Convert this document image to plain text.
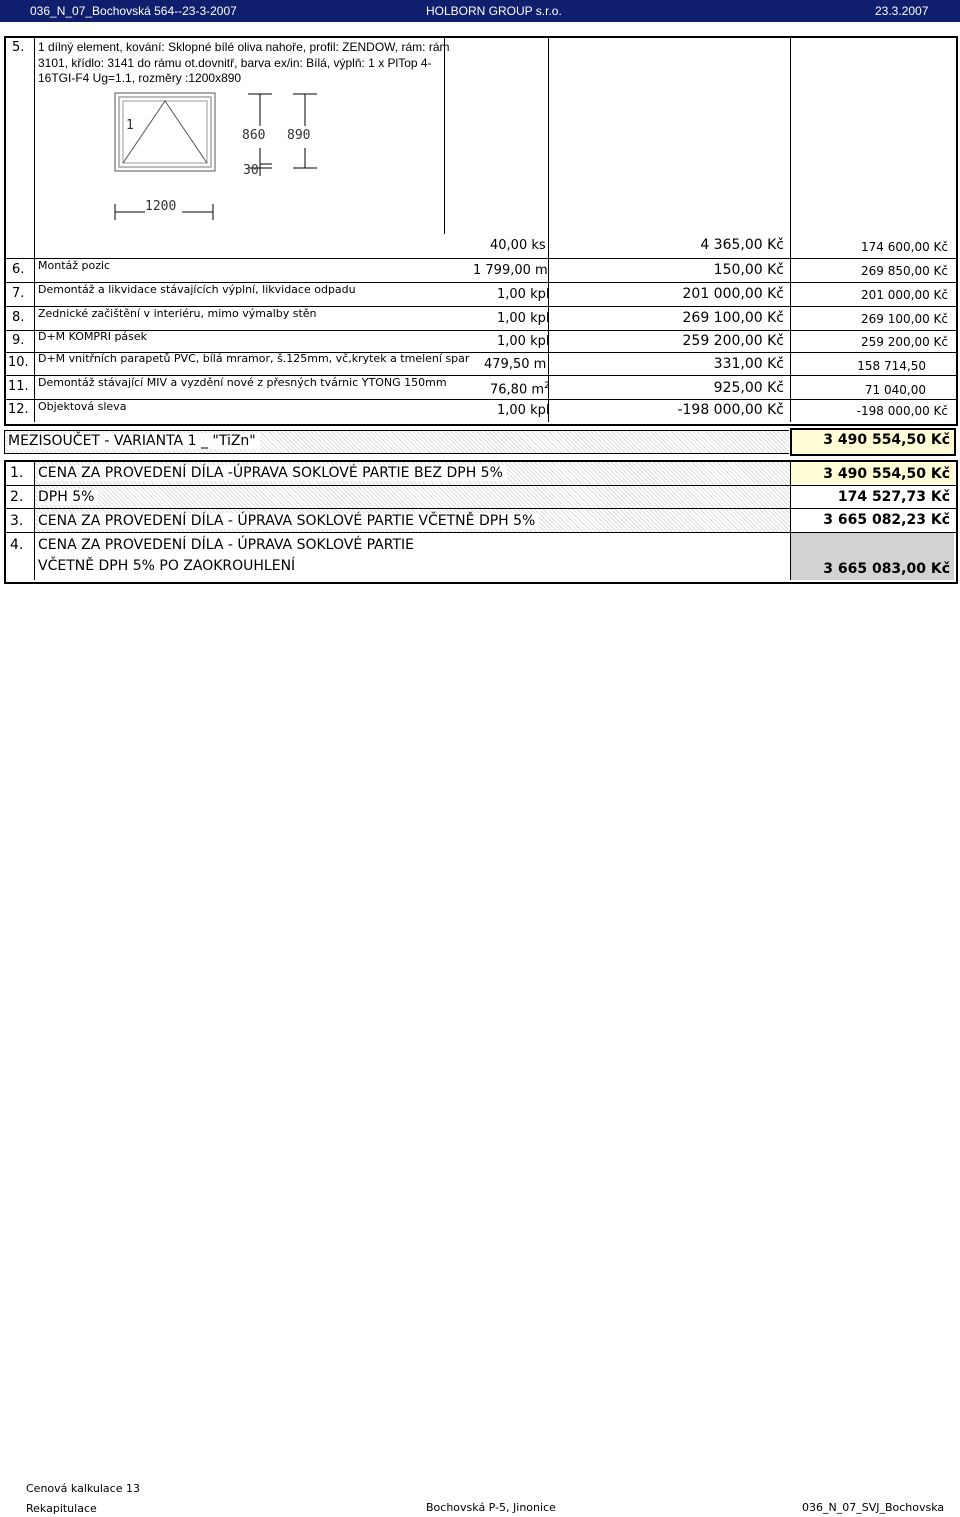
036_N_07_Bochovská 564--23-3-2007	HOLBORN GROUP s.r.o.	23.3.2007
5. 1 dílný element, kování: Sklopné bílé oliva nahoře, profil: ZENDOW, rám: rám
3101, křídlo: 3141 do rámu ot.dovnitř, barva ex/in: Bílá, výplň: 1 x PlTop 4-
16TGI-F4 Ug=1.1, rozměry :1200x890
1
860 890
30
1200
40,00 ks	4 365,00 Kč	174 600,00 Kč
6. Montáž pozic	1 799,00 m	150,00 Kč	269 850,00 Kč
7. Demontáž a likvidace stávajících výplní, likvidace odpadu	1,00 kpl	201 000,00 Kč	201 000,00 Kč
8. Zednické začištění v interiéru, mimo výmalby stěn	1,00 kpl	269 100,00 Kč	269 100,00 Kč
9. D+M KOMPRI pásek	1,00 kpl	259 200,00 Kč	259 200,00 Kč
10. D+M vnitřních parapetů PVC, bílá mramor, š.125mm, vč,krytek a tmelení spar 479,50 m	331,00 Kč	158 714,50
11. Demontáž stávající MIV a vyzdění nové z přesných tvárnic YTONG 150mm	76,80 $m^2$	925,00 Kč	71 040,00
12. Objektová sleva	1,00 kpl	-198 000,00 Kč	-198 000,00 Kč
MEZISOUČET - VARIANTA 1 _ "TiZn"	3 490 554,50 Kč
1. CENA ZA PROVEDENÍ DÍLA -ÚPRAVA SOKLOVÉ PARTIE BEZ DPH 5%	3 490 554,50 Kč
2. DPH 5%	174 527,73 Kč
3. CENA ZA PROVEDENÍ DÍLA - ÚPRAVA SOKLOVÉ PARTIE VČETNĚ DPH 5%	3 665 082,23 Kč
4. CENA ZA PROVEDENÍ DÍLA - ÚPRAVA SOKLOVÉ PARTIE
VČETNĚ DPH 5% PO ZAOKROUHLENÍ	3 665 083,00 Kč
Cenová kalkulace 13
Rekapitulace	Bochovská P-5, Jinonice	036_N_07_SVJ_Bochovska
